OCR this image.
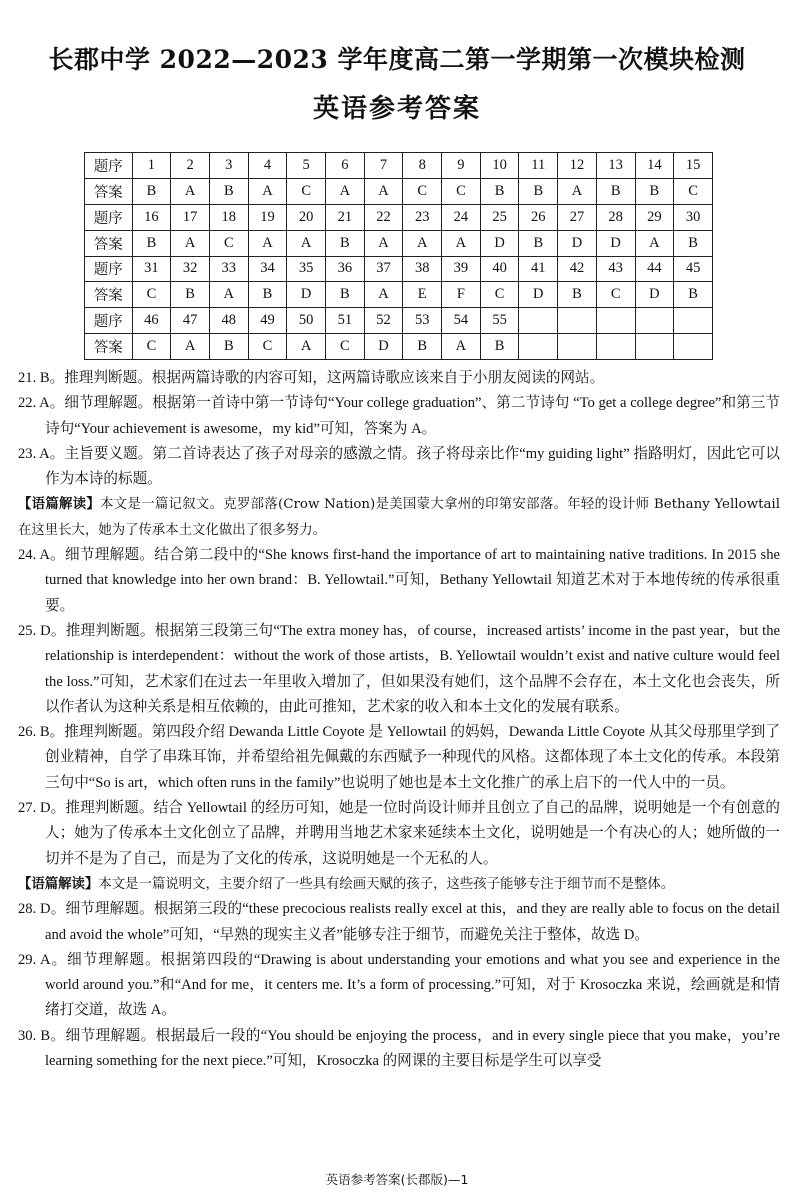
长郡中学 2022—2023 学年度高二第一学期第一次模块检测
英语参考答案
题序	1	2	3	4	5	6	7	8	9	10	11	12	13	14	15
答案	B	A	B	A	C	A	A	C	C	B	B	A	B	B	C
题序	16	17	18	19	20	21	22	23	24	25	26	27	28	29	30
答案	B	A	C	A	A	B	A	A	A	D	B	D	D	A	B
题序	31	32	33	34	35	36	37	38	39	40	41	42	43	44	45
答案	C	B	A	B	D	B	A	E	F	C	D	B	C	D	B
题序	46	47	48	49	50	51	52	53	54	55					
答案	C	A	B	C	A	C	D	B	A	B					

21. B。推理判断题。根据两篇诗歌的内容可知，这两篇诗歌应该来自于小朋友阅读的网站。

22. A。细节理解题。根据第一首诗中第一节诗句“Your college graduation”、第二节诗句 “To get a college degree”和第三节诗句“Your achievement is awesome，my kid”可知，答案为 A。

23. A。主旨要义题。第二首诗表达了孩子对母亲的感激之情。孩子将母亲比作“my guiding light” 指路明灯，因此它可以作为本诗的标题。

【语篇解读】本文是一篇记叙文。克罗部落(Crow Nation)是美国蒙大拿州的印第安部落。年轻的设计师 Bethany Yellowtail 在这里长大，她为了传承本土文化做出了很多努力。

24. A。细节理解题。结合第二段中的“She knows first-hand the importance of art to maintaining native traditions. In 2015 she turned that knowledge into her own brand：B. Yellowtail.”可知，Bethany Yellowtail 知道艺术对于本地传统的传承很重要。

25. D。推理判断题。根据第三段第三句“The extra money has，of course，increased artists’ income in the past year，but the relationship is interdependent：without the work of those artists，B. Yellowtail wouldn’t exist and native culture would feel the loss.”可知，艺术家们在过去一年里收入增加了，但如果没有她们，这个品牌不会存在，本土文化也会丧失，所以作者认为这种关系是相互依赖的，由此可推知，艺术家的收入和本土文化的发展有联系。

26. B。推理判断题。第四段介绍 Dewanda Little Coyote 是 Yellowtail 的妈妈，Dewanda Little Coyote 从其父母那里学到了创业精神，自学了串珠耳饰，并希望给祖先佩戴的东西赋予一种现代的风格。这都体现了本土文化的传承。本段第三句中“So is art，which often runs in the family”也说明了她也是本土文化推广的承上启下的一代人中的一员。

27. D。推理判断题。结合 Yellowtail 的经历可知，她是一位时尚设计师并且创立了自己的品牌，说明她是一个有创意的人；她为了传承本土文化创立了品牌，并聘用当地艺术家来延续本土文化，说明她是一个有决心的人；她所做的一切并不是为了自己，而是为了文化的传承，这说明她是一个无私的人。

【语篇解读】本文是一篇说明文，主要介绍了一些具有绘画天赋的孩子，这些孩子能够专注于细节而不是整体。

28. D。细节理解题。根据第三段的“these precocious realists really excel at this，and they are really able to focus on the detail and avoid the whole”可知，“早熟的现实主义者”能够专注于细节，而避免关注于整体，故选 D。

29. A。细节理解题。根据第四段的“Drawing is about understanding your emotions and what you see and experience in the world around you.”和“And for me，it centers me. It’s a form of processing.”可知，对于 Krosoczka 来说，绘画就是和情绪打交道，故选 A。

30. B。细节理解题。根据最后一段的“You should be enjoying the process，and in every single piece that you make，you’re learning something for the next piece.”可知，Krosoczka 的网课的主要目标是学生可以享受

英语参考答案(长郡版)—1
